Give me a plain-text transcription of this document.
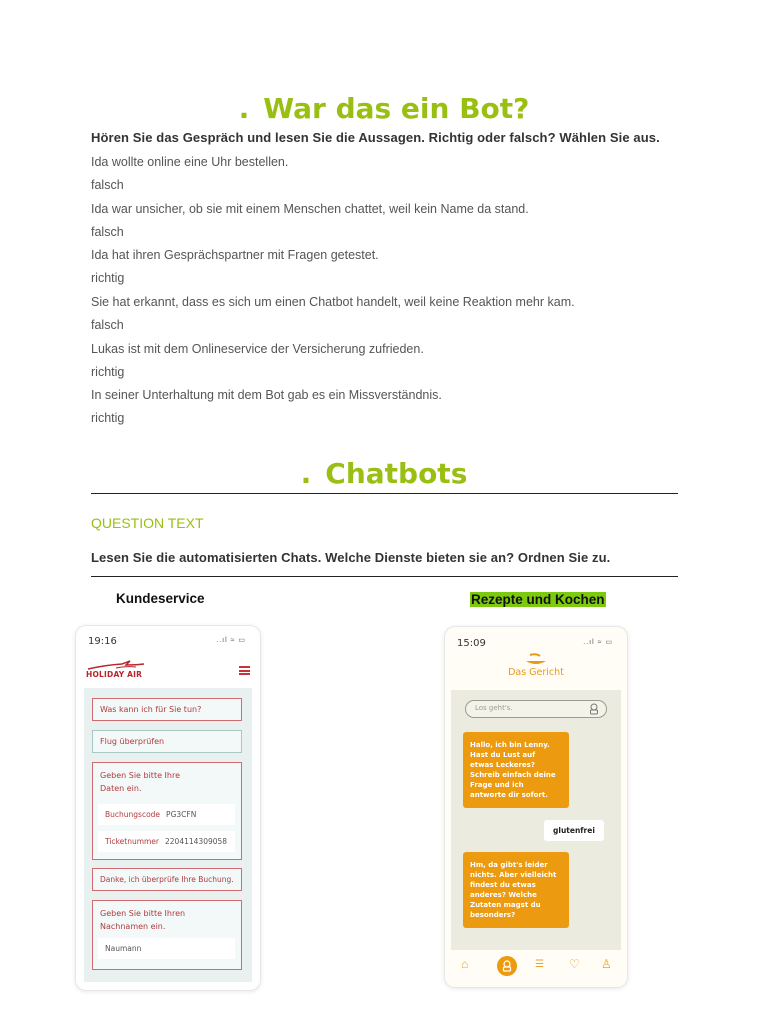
. War das ein Bot?
Hören Sie das Gespräch und lesen Sie die Aussagen. Richtig oder falsch? Wählen Sie aus.
Ida wollte online eine Uhr bestellen.
falsch
Ida war unsicher, ob sie mit einem Menschen chattet, weil kein Name da stand.
falsch
Ida hat ihren Gesprächspartner mit Fragen getestet.
richtig
Sie hat erkannt, dass es sich um einen Chatbot handelt, weil keine Reaktion mehr kam.
falsch
Lukas ist mit dem Onlineservice der Versicherung zufrieden.
richtig
In seiner Unterhaltung mit dem Bot gab es ein Missverständnis.
richtig
. Chatbots
QUESTION TEXT
Lesen Sie die automatisierten Chats. Welche Dienste bieten sie an? Ordnen Sie zu.
Kundeservice	Rezepte und Kochen
19:16	..ıl ≈ ▭
HOLIDAY AIR
Was kann ich für Sie tun?
Flug überprüfen
Geben Sie bitte Ihre
Daten ein.
Buchungscode PG3CFN
Ticketnummer 2204114309058
Danke, ich überprüfe Ihre Buchung.
Geben Sie bitte Ihren
Nachnamen ein.
Naumann
15:09	..ıl ≈ ▭
Das Gericht
Los geht's.
Hallo, ich bin Lenny.
Hast du Lust auf
etwas Leckeres?
Schreib einfach deine
Frage und ich
antworte dir sofort.
glutenfrei
Hm, da gibt's leider
nichts. Aber vielleicht
findest du etwas
anderes? Welche
Zutaten magst du
besonders?
⌂	☰ ♡ ♙
